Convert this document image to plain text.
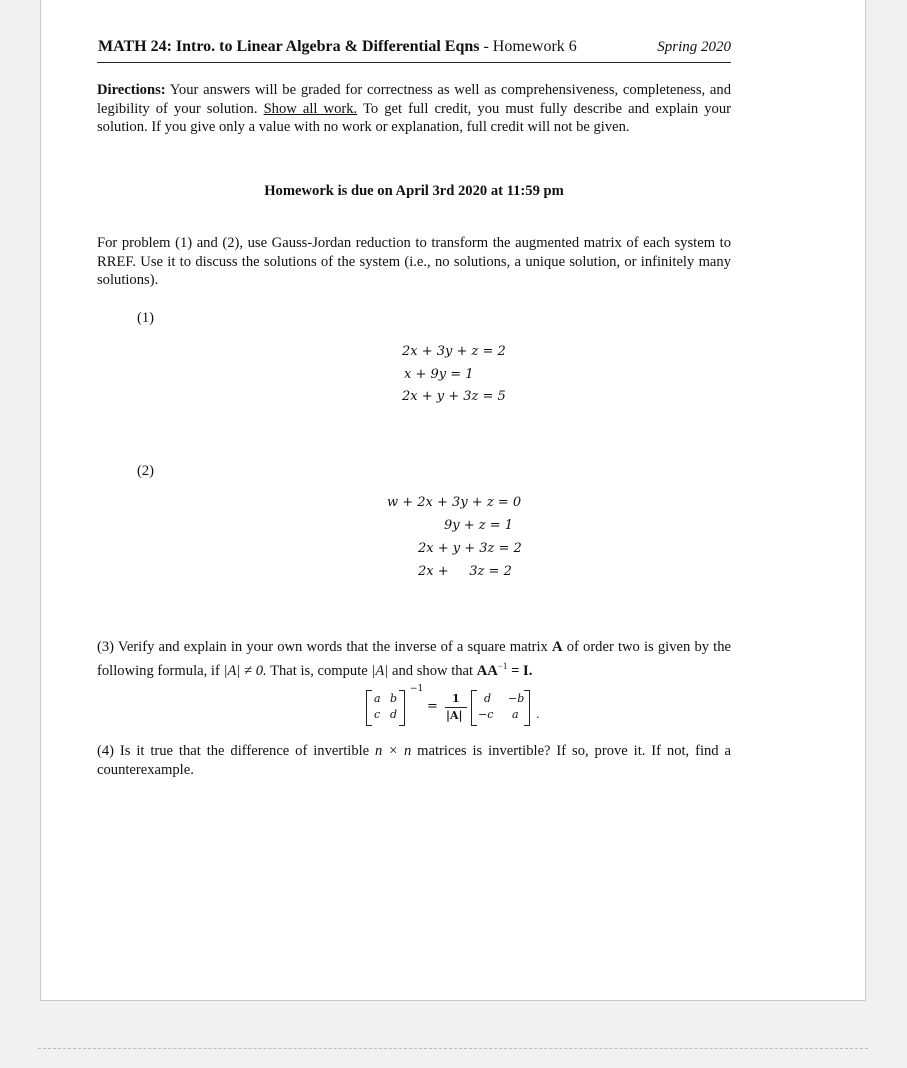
MATH 24: Intro. to Linear Algebra & Differential Eqns - Homework 6	Spring 2020
Directions: Your answers will be graded for correctness as well as comprehensiveness, completeness, and legibility of your solution. Show all work. To get full credit, you must fully describe and explain your solution. If you give only a value with no work or explanation, full credit will not be given.
Homework is due on April 3rd 2020 at 11:59 pm
For problem (1) and (2), use Gauss-Jordan reduction to transform the augmented matrix of each system to RREF. Use it to discuss the solutions of the system (i.e., no solutions, a unique solution, or infinitely many solutions).
(1)
2x + 3y + z = 2
x + 9y = 1
2x + y + 3z = 5
(2)
w + 2x + 3y + z = 0
9y + z = 1
2x + y + 3z = 2
2x +     3z = 2
(3) Verify and explain in your own words that the inverse of a square matrix A of order two is given by the following formula, if |A| ≠ 0. That is, compute |A| and show that $AA^{-1} = I$.
a b
c d
−1
=
1
|A|
d −b
−c a .
(4) Is it true that the difference of invertible n × n matrices is invertible? If so, prove it. If not, find a counterexample.
